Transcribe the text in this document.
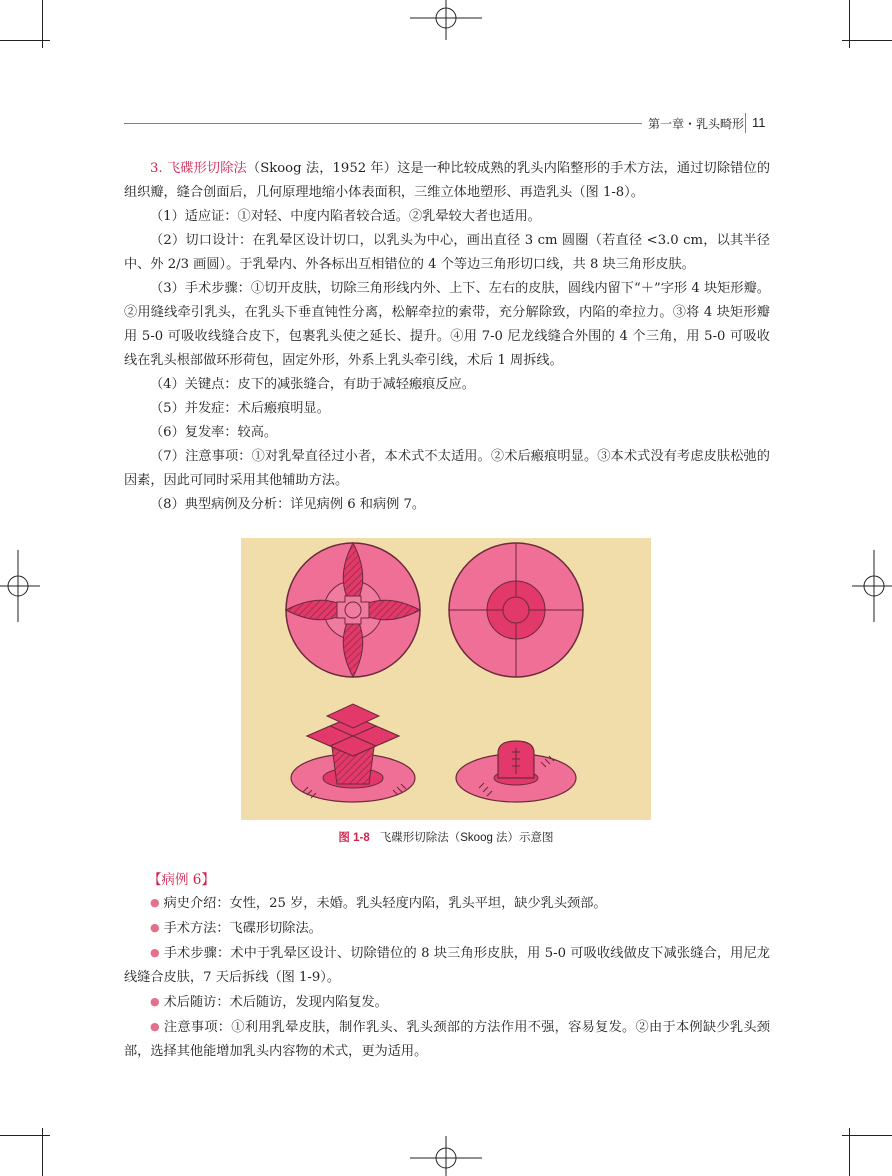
第一章・乳头畸形 11

3. 飞碟形切除法（Skoog 法，1952 年）这是一种比较成熟的乳头内陷整形的手术方法，通过切除错位的组织瓣，缝合创面后，几何原理地缩小体表面积，三维立体地塑形、再造乳头（图 1-8）。

（1）适应证：①对轻、中度内陷者较合适。②乳晕较大者也适用。

（2）切口设计：在乳晕区设计切口，以乳头为中心，画出直径 3 cm 圆圈（若直径 <3.0 cm，以其半径中、外 2/3 画圆）。于乳晕内、外各标出互相错位的 4 个等边三角形切口线，共 8 块三角形皮肤。

（3）手术步骤：①切开皮肤，切除三角形线内外、上下、左右的皮肤，圆线内留下“＋”字形 4 块矩形瓣。②用缝线牵引乳头，在乳头下垂直钝性分离，松解牵拉的索带，充分解除致，内陷的牵拉力。③将 4 块矩形瓣用 5-0 可吸收线缝合皮下，包裹乳头使之延长、提升。④用 7-0 尼龙线缝合外围的 4 个三角，用 5-0 可吸收线在乳头根部做环形荷包，固定外形，外系上乳头牵引线，术后 1 周拆线。

（4）关键点：皮下的减张缝合，有助于减轻瘢痕反应。

（5）并发症：术后瘢痕明显。

（6）复发率：较高。

（7）注意事项：①对乳晕直径过小者，本术式不太适用。②术后瘢痕明显。③本术式没有考虑皮肤松弛的因素，因此可同时采用其他辅助方法。

（8）典型病例及分析：详见病例 6 和病例 7。

图 1-8 飞碟形切除法（Skoog 法）示意图
【病例 6】

● 病史介绍：女性，25 岁，未婚。乳头轻度内陷，乳头平坦，缺少乳头颈部。

● 手术方法：飞碟形切除法。

● 手术步骤：术中于乳晕区设计、切除错位的 8 块三角形皮肤，用 5-0 可吸收线做皮下减张缝合，用尼龙线缝合皮肤，7 天后拆线（图 1-9）。

● 术后随访：术后随访，发现内陷复发。

● 注意事项：①利用乳晕皮肤，制作乳头、乳头颈部的方法作用不强，容易复发。②由于本例缺少乳头颈部，选择其他能增加乳头内容物的术式，更为适用。
